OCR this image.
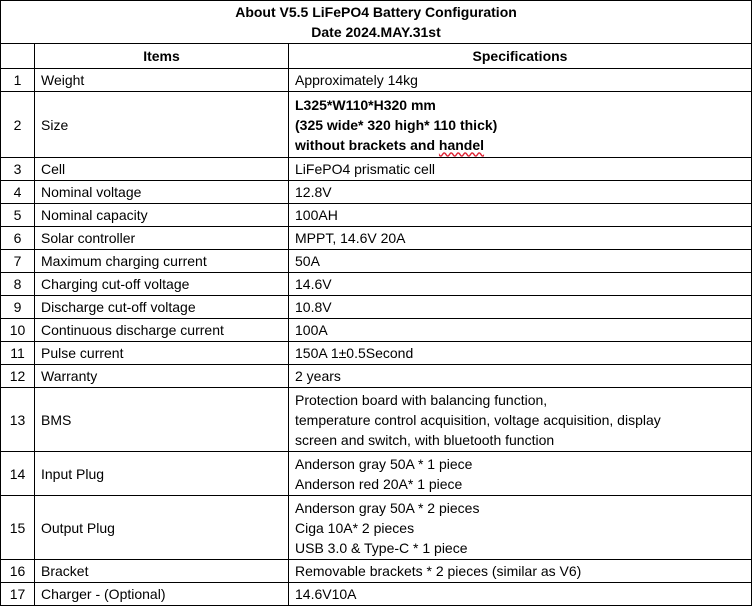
About V5.5 LiFePO4 Battery Configuration
Date 2024.MAY.31st		

	Items	Specifications
1	Weight	Approximately 14kg
2	Size	L325*W110*H320 mm
(325 wide* 320 high* 110 thick)
without brackets and handel

3	Cell	LiFePO4 prismatic cell
4	Nominal voltage	12.8V
5	Nominal capacity	100AH
6	Solar controller	MPPT, 14.6V 20A
7	Maximum charging current	50A
8	Charging cut-off voltage	14.6V
9	Discharge cut-off voltage	10.8V
10	Continuous discharge current	100A
11	Pulse current	150A 1±0.5Second
12	Warranty	2 years
13	BMS	Protection board with balancing function,
temperature control acquisition, voltage acquisition, display
screen and switch, with bluetooth function

14	Input Plug	Anderson gray 50A * 1 piece
Anderson red 20A* 1 piece

15	Output Plug	Anderson gray 50A * 2 pieces
Ciga 10A* 2 pieces
USB 3.0 & Type-C * 1 piece

16	Bracket	Removable brackets * 2 pieces (similar as V6)
17	Charger - (Optional)	14.6V10A
